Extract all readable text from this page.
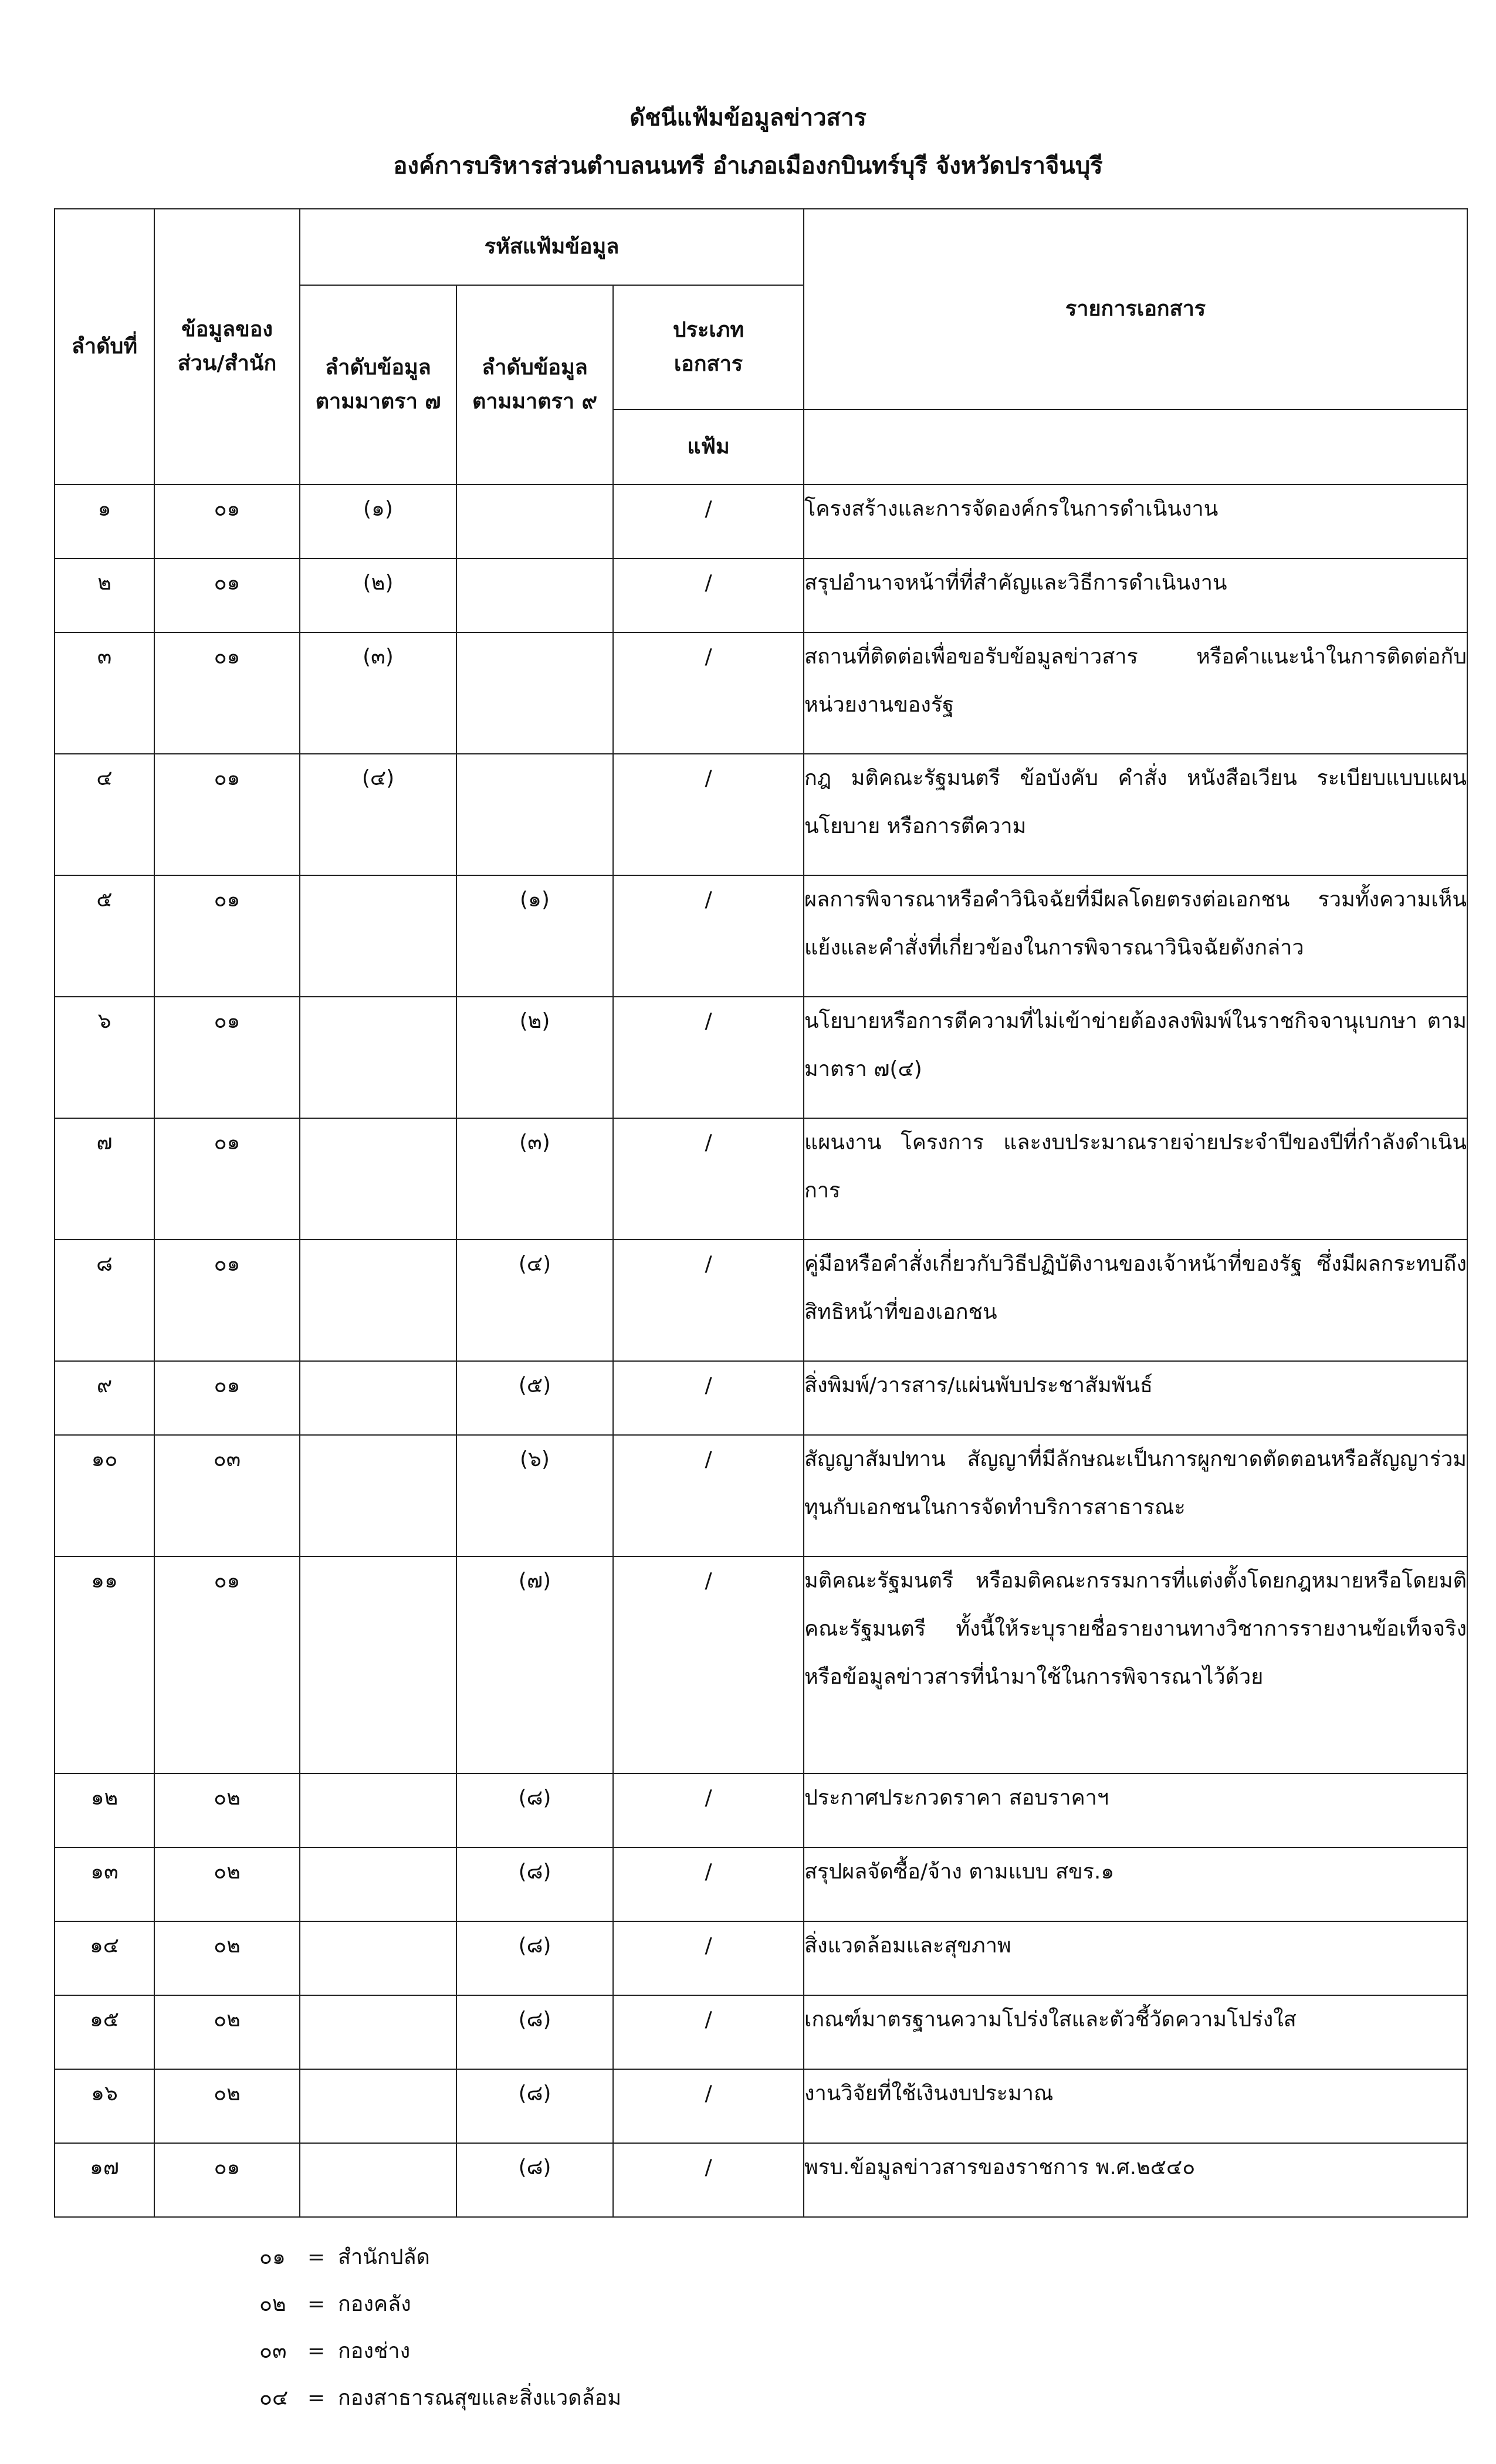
ดัชนีแฟ้มข้อมูลข่าวสาร
องค์การบริหารส่วนตำบลนนทรี อำเภอเมืองกบินทร์บุรี จังหวัดปราจีนบุรี
ลำดับที่	ข้อมูลของส่วน/สำนัก	รหัสแฟ้มข้อมูล			รายการเอกสาร
		ลำดับข้อมูลตามมาตรา ๗	ลำดับข้อมูลตามมาตรา ๙	ประเภทเอกสาร	
				แฟ้ม	
๑	๐๑	(๑)		/	โครงสร้างและการจัดองค์กรในการดำเนินงาน
๒	๐๑	(๒)		/	สรุปอำนาจหน้าที่ที่สำคัญและวิธีการดำเนินงาน
๓	๐๑	(๓)		/	สถานที่ติดต่อเพื่อขอรับข้อมูลข่าวสาร หรือคำแนะนำในการติดต่อกับหน่วยงานของรัฐ
๔	๐๑	(๔)		/	กฎ มติคณะรัฐมนตรี ข้อบังคับ คำสั่ง หนังสือเวียน ระเบียบแบบแผน นโยบาย หรือการตีความ
๕	๐๑		(๑)	/	ผลการพิจารณาหรือคำวินิจฉัยที่มีผลโดยตรงต่อเอกชน รวมทั้งความเห็นแย้งและคำสั่งที่เกี่ยวข้องในการพิจารณาวินิจฉัยดังกล่าว
๖	๐๑		(๒)	/	นโยบายหรือการตีความที่ไม่เข้าข่ายต้องลงพิมพ์ในราชกิจจานุเบกษา ตามมาตรา ๗(๔)
๗	๐๑		(๓)	/	แผนงาน โครงการ และงบประมาณรายจ่ายประจำปีของปีที่กำลังดำเนินการ
๘	๐๑		(๔)	/	คู่มือหรือคำสั่งเกี่ยวกับวิธีปฏิบัติงานของเจ้าหน้าที่ของรัฐ ซึ่งมีผลกระทบถึงสิทธิหน้าที่ของเอกชน
๙	๐๑		(๕)	/	สิ่งพิมพ์/วารสาร/แผ่นพับประชาสัมพันธ์
๑๐	๐๓		(๖)	/	สัญญาสัมปทาน สัญญาที่มีลักษณะเป็นการผูกขาดตัดตอนหรือสัญญาร่วมทุนกับเอกชนในการจัดทำบริการสาธารณะ
๑๑	๐๑		(๗)	/	มติคณะรัฐมนตรี หรือมติคณะกรรมการที่แต่งตั้งโดยกฎหมายหรือโดยมติคณะรัฐมนตรี ทั้งนี้ให้ระบุรายชื่อรายงานทางวิชาการรายงานข้อเท็จจริง หรือข้อมูลข่าวสารที่นำมาใช้ในการพิจารณาไว้ด้วย
๑๒	๐๒		(๘)	/	ประกาศประกวดราคา สอบราคาฯ
๑๓	๐๒		(๘)	/	สรุปผลจัดซื้อ/จ้าง ตามแบบ สขร.๑
๑๔	๐๒		(๘)	/	สิ่งแวดล้อมและสุขภาพ
๑๕	๐๒		(๘)	/	เกณฑ์มาตรฐานความโปร่งใสและตัวชี้วัดความโปร่งใส
๑๖	๐๒		(๘)	/	งานวิจัยที่ใช้เงินงบประมาณ
๑๗	๐๑		(๘)	/	พรบ.ข้อมูลข่าวสารของราชการ พ.ศ.๒๕๔๐
๐๑	= สำนักปลัด
๐๒	= กองคลัง
๐๓ = กองช่าง
๐๔ = กองสาธารณสุขและสิ่งแวดล้อม
